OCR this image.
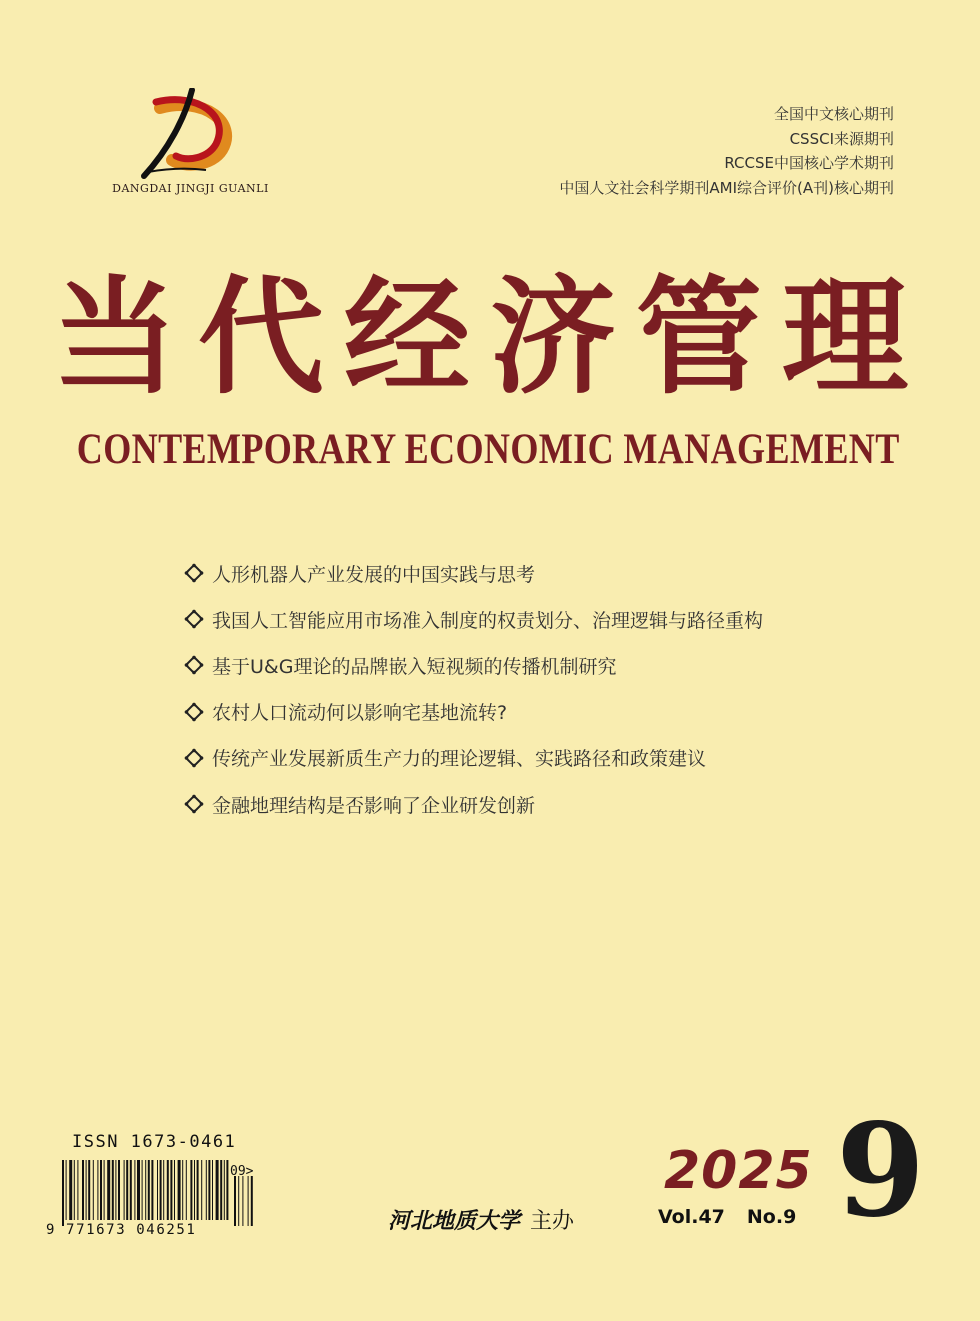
DANGDAI JINGJI GUANLI
全国中文核心期刊
CSSCI来源期刊
RCCSE中国核心学术期刊
中国人文社会科学期刊AMI综合评价(A刊)核心期刊
当代经济管理
CONTEMPORARY ECONOMIC MANAGEMENT
人形机器人产业发展的中国实践与思考
我国人工智能应用市场准入制度的权责划分、治理逻辑与路径重构
基于U&G理论的品牌嵌入短视频的传播机制研究
农村人口流动何以影响宅基地流转?
传统产业发展新质生产力的理论逻辑、实践路径和政策建议
金融地理结构是否影响了企业研发创新
ISSN 1673-0461
09>
9 771673 046251	河北地质大学 主办
2025
Vol.47 No.9 9
